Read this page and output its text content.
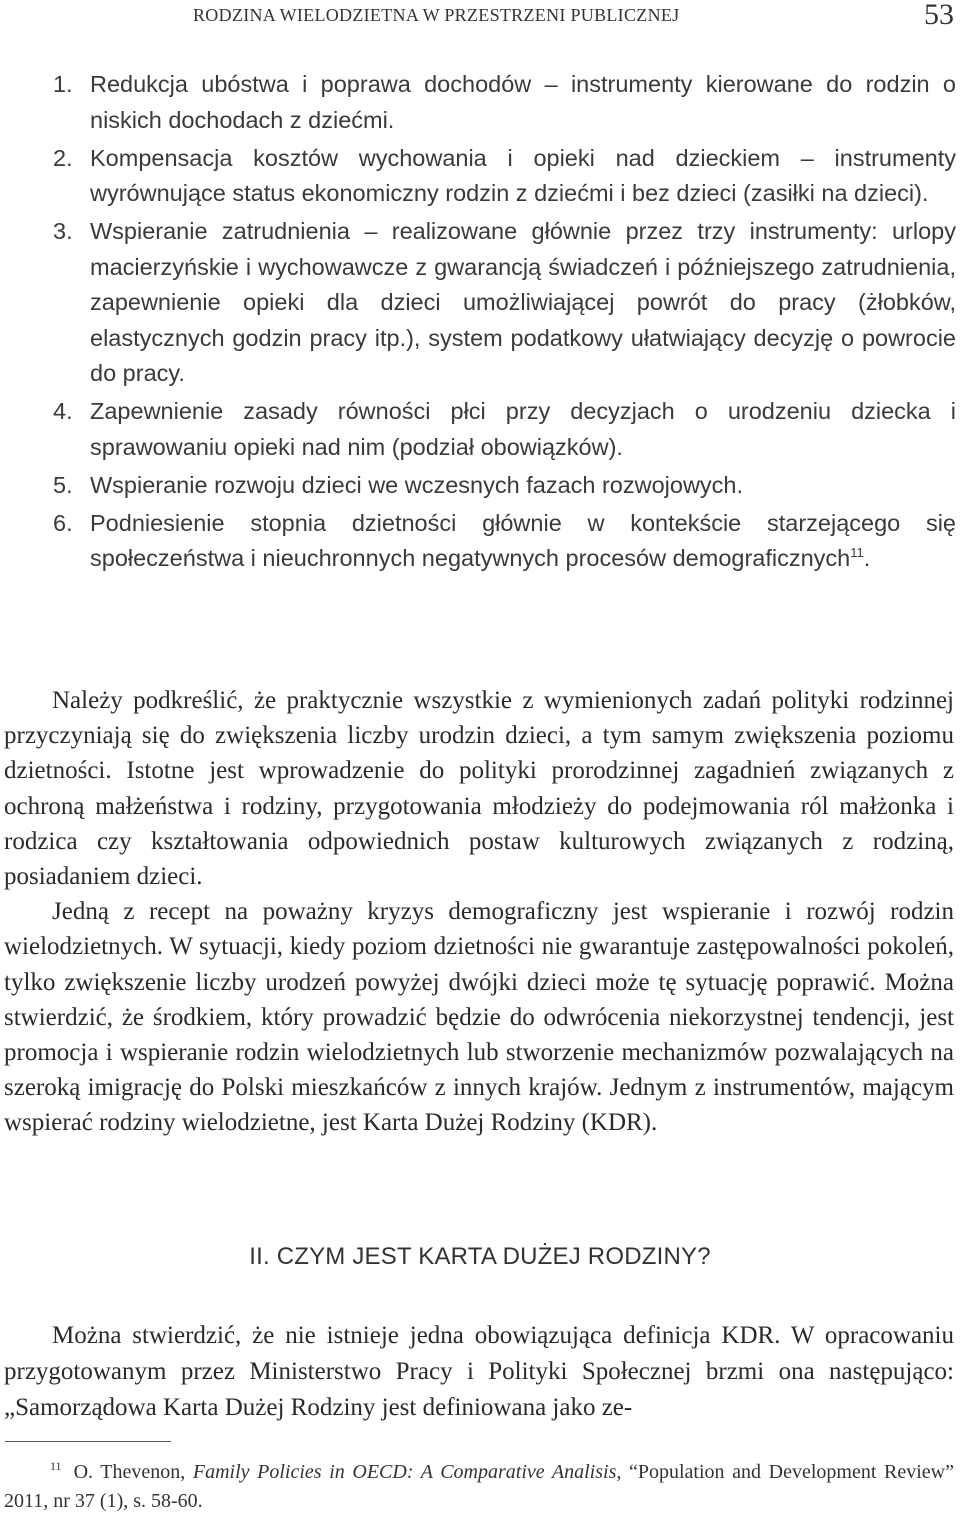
RODZINA WIELODZIETNA W PRZESTRZENI PUBLICZNEJ	53
1. Redukcja ubóstwa i poprawa dochodów – instrumenty kierowane do rodzin o niskich dochodach z dziećmi.
2. Kompensacja kosztów wychowania i opieki nad dzieckiem – instrumenty wyrównujące status ekonomiczny rodzin z dziećmi i bez dzieci (zasiłki na dzieci).
3. Wspieranie zatrudnienia – realizowane głównie przez trzy instrumenty: urlopy macierzyńskie i wychowawcze z gwarancją świadczeń i późniejszego zatrudnienia, zapewnienie opieki dla dzieci umożliwiającej powrót do pracy (żłobków, elastycznych godzin pracy itp.), system podatkowy ułatwiający decyzję o powrocie do pracy.
4. Zapewnienie zasady równości płci przy decyzjach o urodzeniu dziecka i sprawowaniu opieki nad nim (podział obowiązków).
5. Wspieranie rozwoju dzieci we wczesnych fazach rozwojowych.
6. Podniesienie stopnia dzietności głównie w kontekście starzejącego się społeczeństwa i nieuchronnych negatywnych procesów demograficznych$^{11}$.

Należy podkreślić, że praktycznie wszystkie z wymienionych zadań polityki rodzinnej przyczyniają się do zwiększenia liczby urodzin dzieci, a tym samym zwiększenia poziomu dzietności. Istotne jest wprowadzenie do polityki prorodzinnej zagadnień związanych z ochroną małżeństwa i rodziny, przygotowania młodzieży do podejmowania ról małżonka i rodzica czy kształtowania odpowiednich postaw kulturowych związanych z rodziną, posiadaniem dzieci.

Jedną z recept na poważny kryzys demograficzny jest wspieranie i rozwój rodzin wielodzietnych. W sytuacji, kiedy poziom dzietności nie gwarantuje zastępowalności pokoleń, tylko zwiększenie liczby urodzeń powyżej dwójki dzieci może tę sytuację poprawić. Można stwierdzić, że środkiem, który prowadzić będzie do odwrócenia niekorzystnej tendencji, jest promocja i wspieranie rodzin wielodzietnych lub stworzenie mechanizmów pozwalających na szeroką imigrację do Polski mieszkańców z innych krajów. Jednym z instrumentów, mającym wspierać rodziny wielodzietne, jest Karta Dużej Rodziny (KDR).

II. CZYM JEST KARTA DUŻEJ RODZINY?

Można stwierdzić, że nie istnieje jedna obowiązująca definicja KDR. W opracowaniu przygotowanym przez Ministerstwo Pracy i Polityki Społecznej brzmi ona następująco: „Samorządowa Karta Dużej Rodziny jest definiowana jako ze-

$^{11}$ O. Thevenon, Family Policies in OECD: A Comparative Analisis, “Population and Development Review” 2011, nr 37 (1), s. 58-60.
